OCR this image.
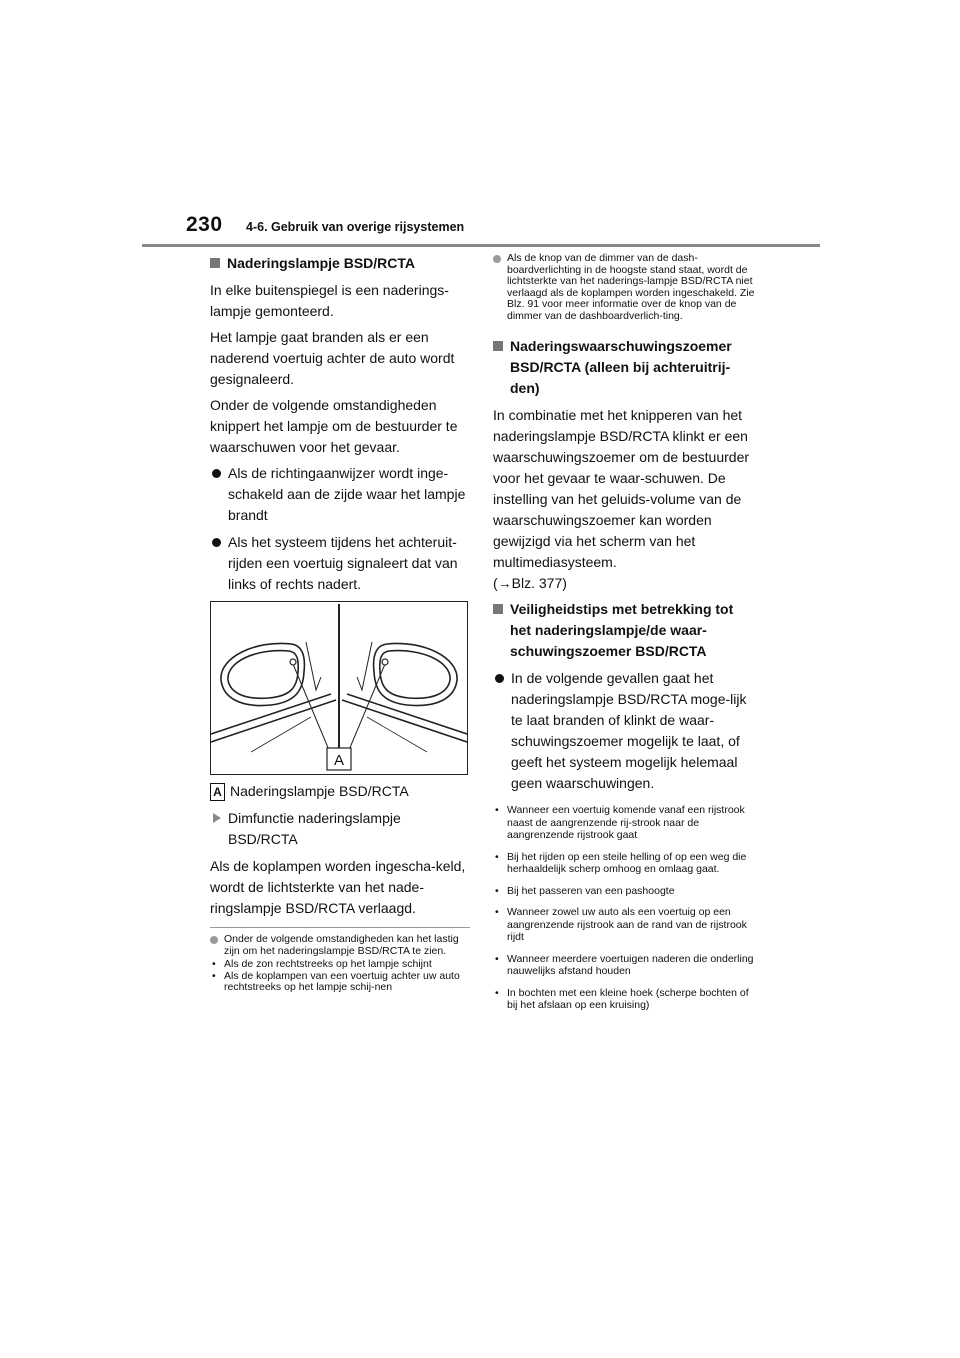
230 4-6. Gebruik van overige rijsystemen
Naderingslampje BSD/RCTA
In elke buitenspiegel is een naderings-lampje gemonteerd.
Het lampje gaat branden als er een naderend voertuig achter de auto wordt gesignaleerd.
Onder de volgende omstandigheden knippert het lampje om de bestuurder te waarschuwen voor het gevaar.
Als de richtingaanwijzer wordt inge-schakeld aan de zijde waar het lampje brandt
Als het systeem tijdens het achteruit-rijden een voertuig signaleert dat van links of rechts nadert.
A
A Naderingslampje BSD/RCTA
Dimfunctie naderingslampje BSD/RCTA
Als de koplampen worden ingescha-keld, wordt de lichtsterkte van het nade-ringslampje BSD/RCTA verlaagd.
Onder de volgende omstandigheden kan het lastig zijn om het naderingslampje BSD/RCTA te zien.
• Als de zon rechtstreeks op het lampje schijnt
• Als de koplampen van een voertuig achter uw auto rechtstreeks op het lampje schij-nen
Als de knop van de dimmer van de dash-boardverlichting in de hoogste stand staat, wordt de lichtsterkte van het naderings-lampje BSD/RCTA niet verlaagd als de koplampen worden ingeschakeld. Zie Blz. 91 voor meer informatie over de knop van de dimmer van de dashboardverlich-ting.
Naderingswaarschuwingszoemer BSD/RCTA (alleen bij achteruitrij-den)
In combinatie met het knipperen van het naderingslampje BSD/RCTA klinkt er een waarschuwingszoemer om de bestuurder voor het gevaar te waar-schuwen. De instelling van het geluids-volume van de waarschuwingszoemer kan worden gewijzigd via het scherm van het multimediasysteem.
(→Blz. 377)
Veiligheidstips met betrekking tot het naderingslampje/de waar-schuwingszoemer BSD/RCTA
In de volgende gevallen gaat het naderingslampje BSD/RCTA moge-lijk te laat branden of klinkt de waar-schuwingszoemer mogelijk te laat, of geeft het systeem mogelijk helemaal geen waarschuwingen.
• Wanneer een voertuig komende vanaf een rijstrook naast de aangrenzende rij-strook naar de aangrenzende rijstrook gaat
• Bij het rijden op een steile helling of op een weg die herhaaldelijk scherp omhoog en omlaag gaat.
• Bij het passeren van een pashoogte
• Wanneer zowel uw auto als een voertuig op een aangrenzende rijstrook aan de rand van de rijstrook rijdt
• Wanneer meerdere voertuigen naderen die onderling nauwelijks afstand houden
• In bochten met een kleine hoek (scherpe bochten of bij het afslaan op een kruising)
